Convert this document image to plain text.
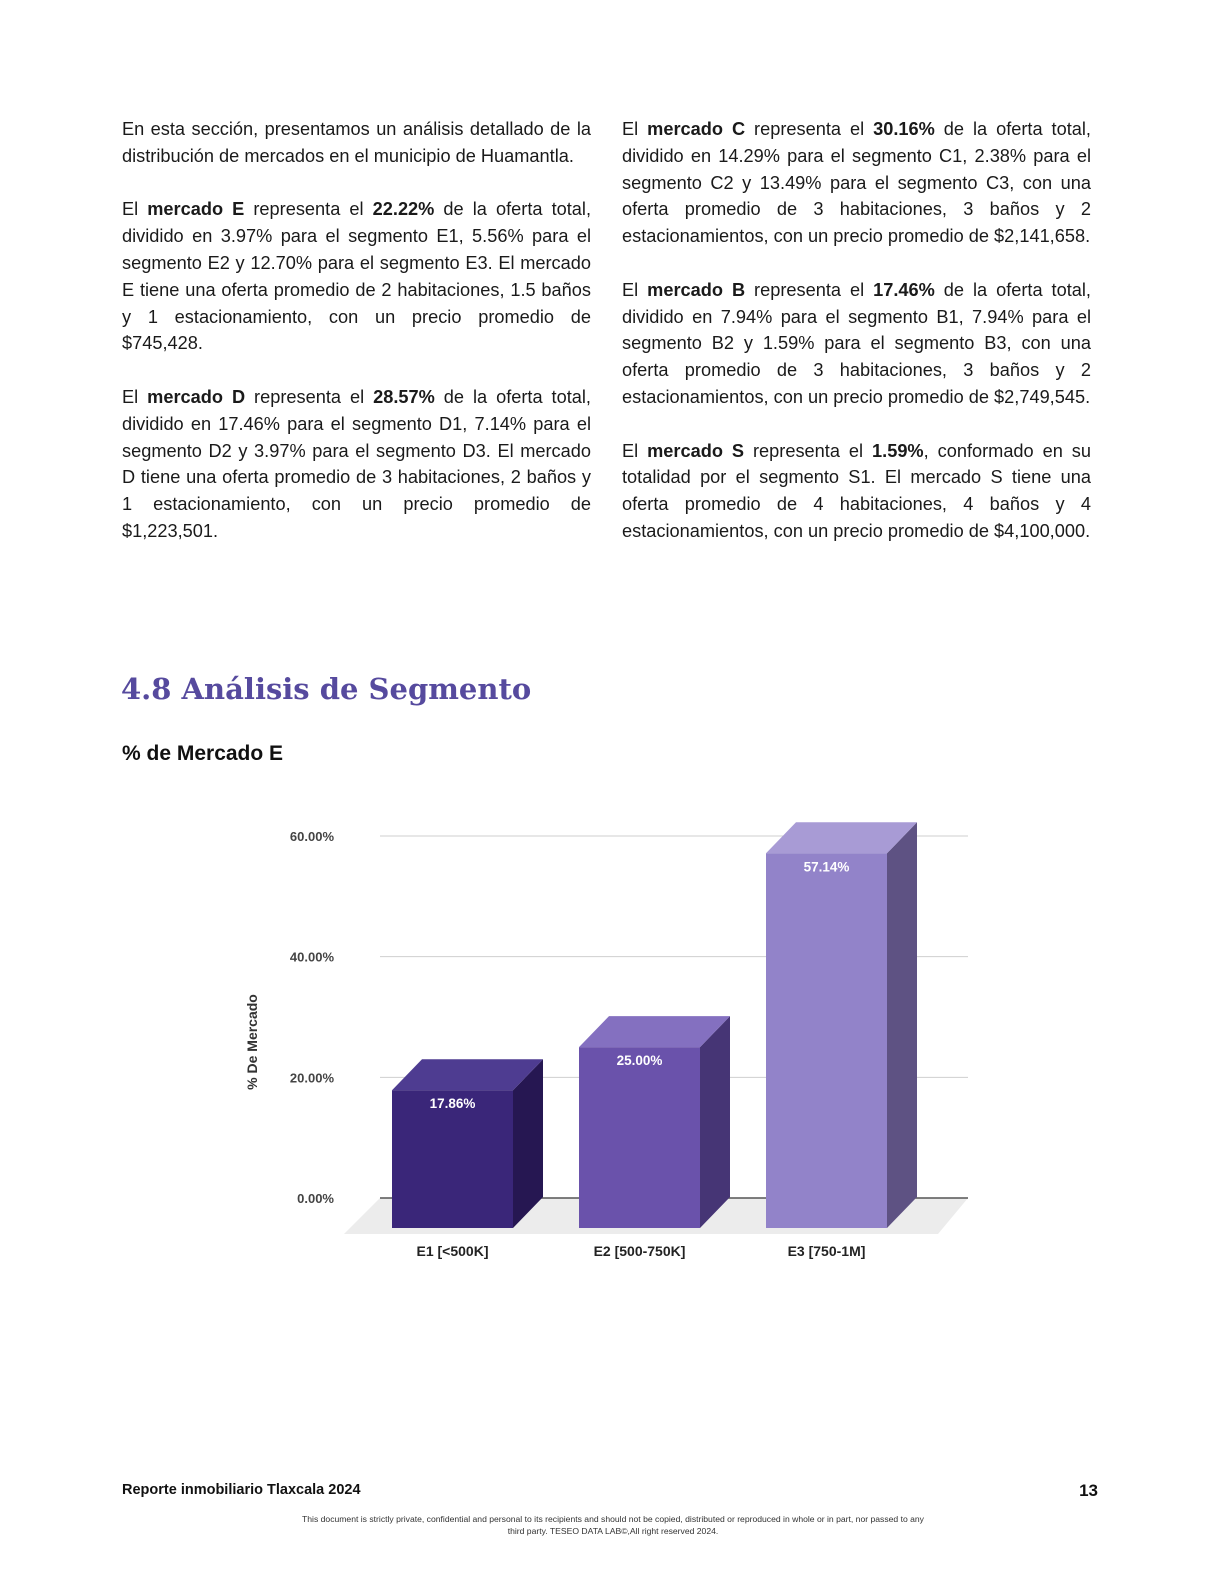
En esta sección, presentamos un análisis detallado de la distribución de mercados en el municipio de Huamantla.

El mercado E representa el 22.22% de la oferta total, dividido en 3.97% para el segmento E1, 5.56% para el segmento E2 y 12.70% para el segmento E3. El mercado E tiene una oferta promedio de 2 habitaciones, 1.5 baños y 1 estacionamiento, con un precio promedio de $745,428.

El mercado D representa el 28.57% de la oferta total, dividido en 17.46% para el segmento D1, 7.14% para el segmento D2 y 3.97% para el segmento D3. El mercado D tiene una oferta promedio de 3 habitaciones, 2 baños y 1 estacionamiento, con un precio promedio de $1,223,501.

El mercado C representa el 30.16% de la oferta total, dividido en 14.29% para el segmento C1, 2.38% para el segmento C2 y 13.49% para el segmento C3, con una oferta promedio de 3 habitaciones, 3 baños y 2 estacionamientos, con un precio promedio de $2,141,658.

El mercado B representa el 17.46% de la oferta total, dividido en 7.94% para el segmento B1, 7.94% para el segmento B2 y 1.59% para el segmento B3, con una oferta promedio de 3 habitaciones, 3 baños y 2 estacionamientos, con un precio promedio de $2,749,545.

El mercado S representa el 1.59%, conformado en su totalidad por el segmento S1. El mercado S tiene una oferta promedio de 4 habitaciones, 4 baños y 4 estacionamientos, con un precio promedio de $4,100,000.

4.8 Análisis de Segmento
% de Mercado E
0.00%
20.00%
40.00%
60.00%
% De Mercado
17.86%
E1 [<500K]
25.00%
E2 [500-750K]
57.14%
E3 [750-1M]
Reporte inmobiliario Tlaxcala 2024	13
This document is strictly private, confidential and personal to its recipients and should not be copied, distributed or reproduced in whole or in part, nor passed to any third party. TESEO DATA LAB©,All right reserved 2024.
